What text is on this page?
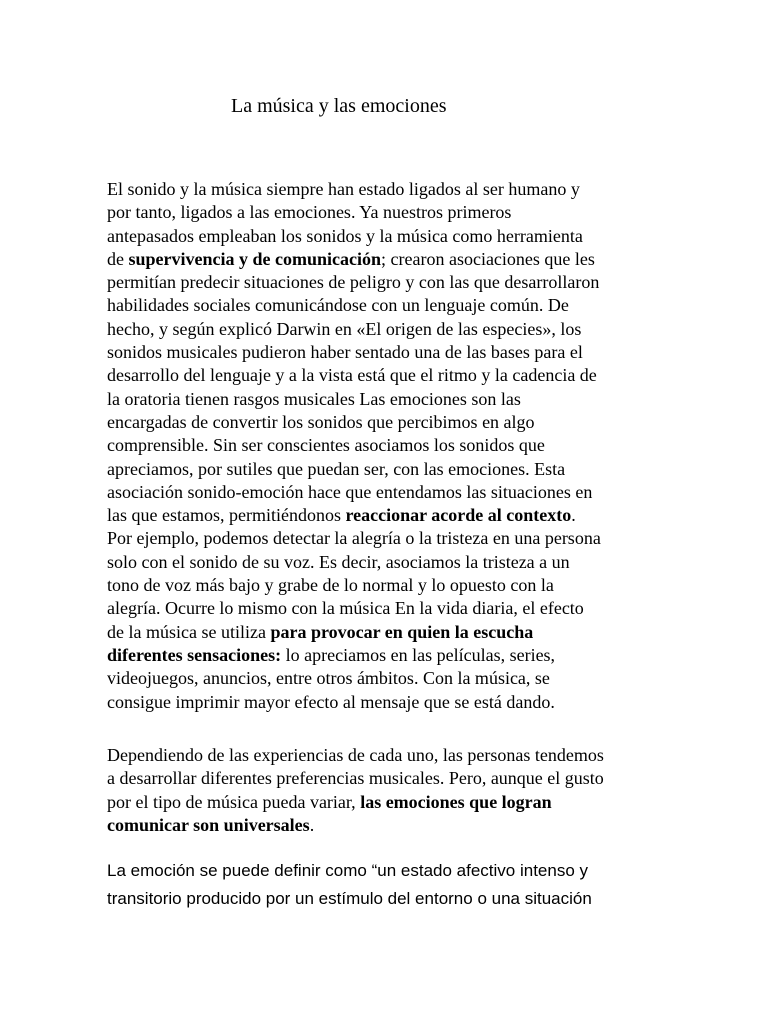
La música y las emociones

El sonido y la música siempre han estado ligados al ser humano y
por tanto, ligados a las emociones. Ya nuestros primeros
antepasados empleaban los sonidos y la música como herramienta
de supervivencia y de comunicación; crearon asociaciones que les
permitían predecir situaciones de peligro y con las que desarrollaron
habilidades sociales comunicándose con un lenguaje común. De
hecho, y según explicó Darwin en «El origen de las especies», los
sonidos musicales pudieron haber sentado una de las bases para el
desarrollo del lenguaje y a la vista está que el ritmo y la cadencia de
la oratoria tienen rasgos musicales Las emociones son las
encargadas de convertir los sonidos que percibimos en algo
comprensible. Sin ser conscientes asociamos los sonidos que
apreciamos, por sutiles que puedan ser, con las emociones. Esta
asociación sonido-emoción hace que entendamos las situaciones en
las que estamos, permitiéndonos reaccionar acorde al contexto.
Por ejemplo, podemos detectar la alegría o la tristeza en una persona
solo con el sonido de su voz. Es decir, asociamos la tristeza a un
tono de voz más bajo y grabe de lo normal y lo opuesto con la
alegría. Ocurre lo mismo con la música En la vida diaria, el efecto
de la música se utiliza para provocar en quien la escucha
diferentes sensaciones: lo apreciamos en las películas, series,
videojuegos, anuncios, entre otros ámbitos. Con la música, se
consigue imprimir mayor efecto al mensaje que se está dando.

Dependiendo de las experiencias de cada uno, las personas tendemos
a desarrollar diferentes preferencias musicales. Pero, aunque el gusto
por el tipo de música pueda variar, las emociones que logran
comunicar son universales.

La emoción se puede definir como “un estado afectivo intenso y
transitorio producido por un estímulo del entorno o una situación
